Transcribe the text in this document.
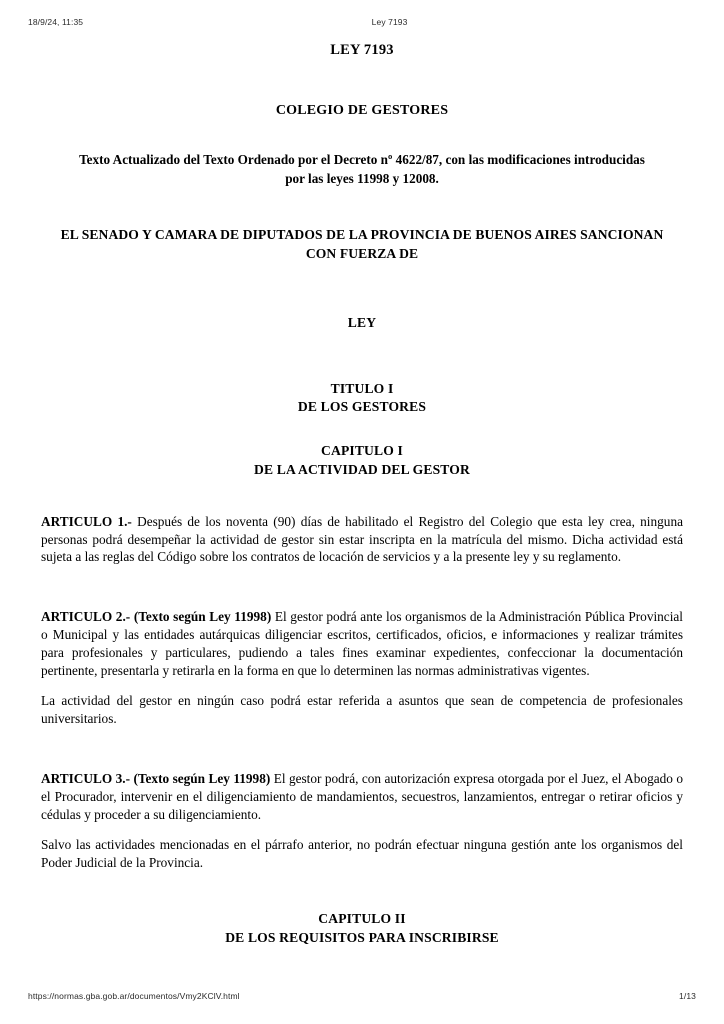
18/9/24, 11:35	Ley 7193
LEY 7193
COLEGIO DE GESTORES
Texto Actualizado del Texto Ordenado por el Decreto nº 4622/87, con las modificaciones introducidas
por las leyes 11998 y 12008.
EL SENADO Y CAMARA DE DIPUTADOS DE LA PROVINCIA DE BUENOS AIRES SANCIONAN
CON FUERZA DE
LEY
TITULO I
DE LOS GESTORES
CAPITULO I
DE LA ACTIVIDAD DEL GESTOR

ARTICULO 1.- Después de los noventa (90) días de habilitado el Registro del Colegio que esta ley crea, ninguna personas podrá desempeñar la actividad de gestor sin estar inscripta en la matrícula del mismo. Dicha actividad está sujeta a las reglas del Código sobre los contratos de locación de servicios y a la presente ley y su reglamento.

ARTICULO 2.- (Texto según Ley 11998) El gestor podrá ante los organismos de la Administración Pública Provincial o Municipal y las entidades autárquicas diligenciar escritos, certificados, oficios, e informaciones y realizar trámites para profesionales y particulares, pudiendo a tales fines examinar expedientes, confeccionar la documentación pertinente, presentarla y retirarla en la forma en que lo determinen las normas administrativas vigentes.

La actividad del gestor en ningún caso podrá estar referida a asuntos que sean de competencia de profesionales universitarios.

ARTICULO 3.- (Texto según Ley 11998) El gestor podrá, con autorización expresa otorgada por el Juez, el Abogado o el Procurador, intervenir en el diligenciamiento de mandamientos, secuestros, lanzamientos, entregar o retirar oficios y cédulas y proceder a su diligenciamiento.

Salvo las actividades mencionadas en el párrafo anterior, no podrán efectuar ninguna gestión ante los organismos del Poder Judicial de la Provincia.

CAPITULO II
DE LOS REQUISITOS PARA INSCRIBIRSE
https://normas.gba.gob.ar/documentos/Vmy2KClV.html	1/13
